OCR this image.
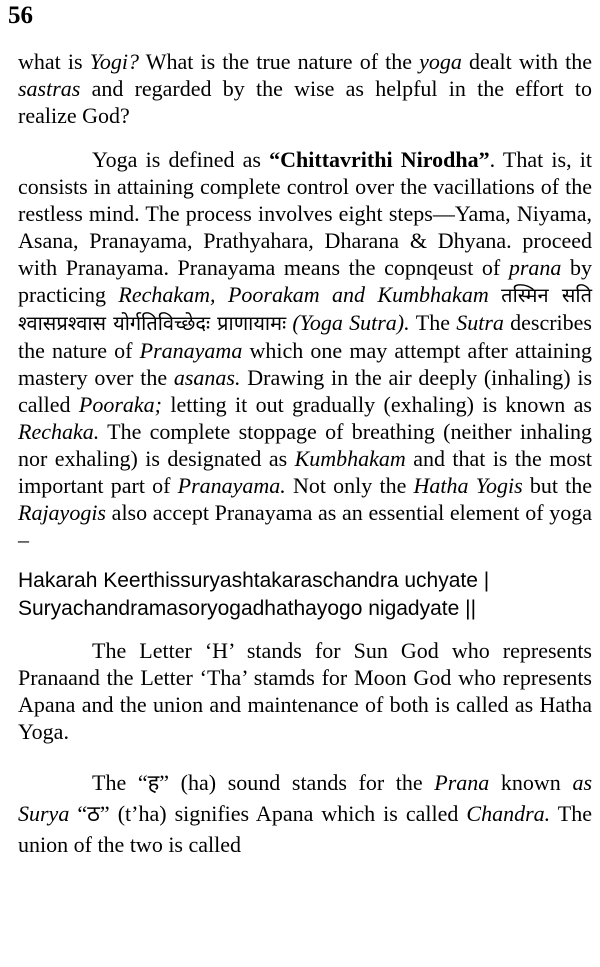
56

what is Yogi? What is the true nature of the yoga dealt with the sastras and regarded by the wise as helpful in the effort to realize God?

Yoga is defined as “Chittavrithi Nirodha”. That is, it consists in attaining complete control over the vacillations of the restless mind. The process involves eight steps—Yama, Niyama, Asana, Pranayama, Prathyahara, Dharana & Dhyana. proceed with Pranayama. Pranayama means the copnqeust of prana by practicing Rechakam, Poorakam and Kumbhakam तस्मिन सति श्वासप्रश्वास योर्गतिविच्छेदः प्राणायामः (Yoga Sutra). The Sutra describes the nature of Pranayama which one may attempt after attaining mastery over the asanas. Drawing in the air deeply (inhaling) is called Pooraka; letting it out gradually (exhaling) is known as Rechaka. The complete stoppage of breathing (neither inhaling nor exhaling) is designated as Kumbhakam and that is the most important part of Pranayama. Not only the Hatha Yogis but the Rajayogis also accept Pranayama as an essential element of yoga –

Hakarah Keerthissuryashtakaraschandra uchyate |
Suryachandramasoryogadhathayogo nigadyate ||

The Letter ‘H’ stands for Sun God who represents Pranaand the Letter ‘Tha’ stamds for Moon God who represents Apana and the union and maintenance of both is called as Hatha Yoga.

The “ह” (ha) sound stands for the Prana known as Surya “ठ” (t’ha) signifies Apana which is called Chandra. The union of the two is called
